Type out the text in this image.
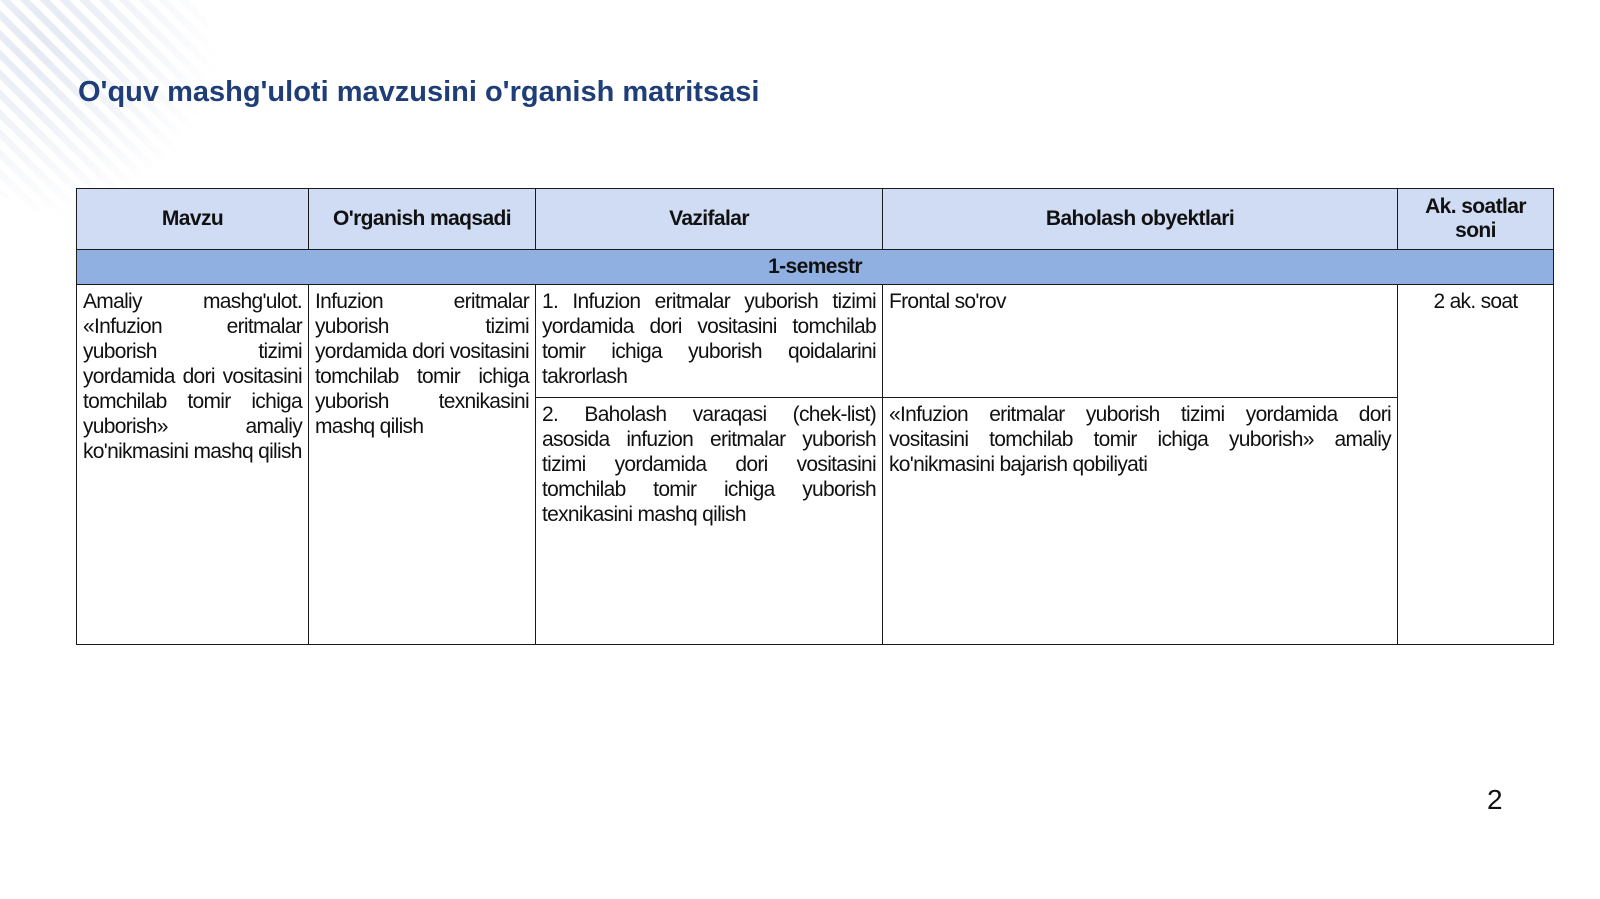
O'quv mashg'uloti mavzusini o'rganish matritsasi
Mavzu	O'rganish maqsadi	Vazifalar	Baholash obyektlari	Ak. soatlar soni
1-semestr				
Amaliy mashg'ulot. «Infuzion eritmalar yuborish tizimi yordamida dori vositasini tomchilab tomir ichiga yuborish» amaliy ko'nikmasini mashq qilish	Infuzion eritmalar yuborish tizimi yordamida dori vositasini tomchilab tomir ichiga yuborish texnikasini mashq qilish	1. Infuzion eritmalar yuborish tizimi yordamida dori vositasini tomchilab tomir ichiga yuborish qoidalarini takrorlash	Frontal so'rov	2 ak. soat
		2. Baholash varaqasi (chek-list) asosida infuzion eritmalar yuborish tizimi yordamida dori vositasini tomchilab tomir ichiga yuborish texnikasini mashq qilish	«Infuzion eritmalar yuborish tizimi yordamida dori vositasini tomchilab tomir ichiga yuborish» amaliy ko'nikmasini bajarish qobiliyati	
2
